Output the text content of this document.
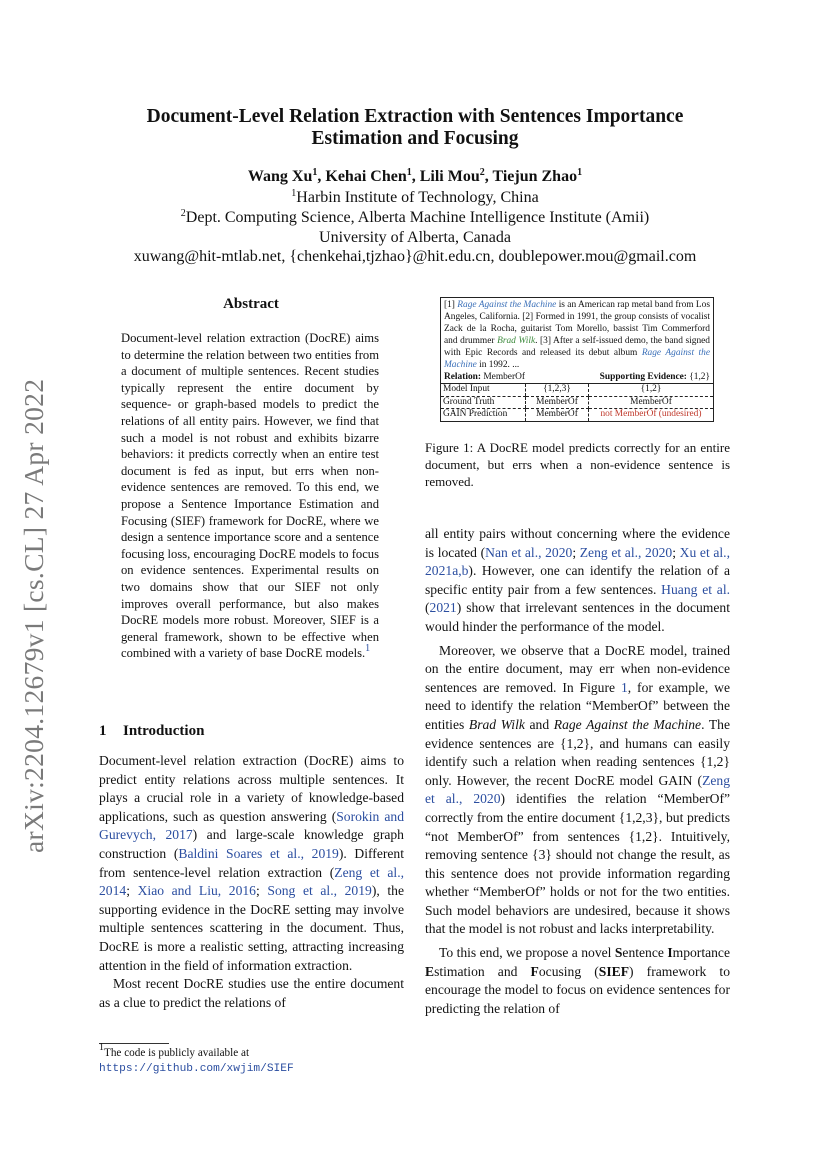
arXiv:2204.12679v1 [cs.CL] 27 Apr 2022
Document-Level Relation Extraction with Sentences Importance
Estimation and Focusing
Wang Xu$^1$, Kehai Chen$^1$, Lili Mou$^2$, Tiejun Zhao$^1$
$^1$Harbin Institute of Technology, China
$^2$Dept. Computing Science, Alberta Machine Intelligence Institute (Amii)
University of Alberta, Canada
xuwang@hit-mtlab.net, {chenkehai,tjzhao}@hit.edu.cn, doublepower.mou@gmail.com
Abstract
Document-level relation extraction (DocRE) aims to determine the relation between two entities from a document of multiple sentences. Recent studies typically represent the entire document by sequence- or graph-based models to predict the relations of all entity pairs. However, we find that such a model is not robust and exhibits bizarre behaviors: it predicts correctly when an entire test document is fed as input, but errs when non-evidence sentences are removed. To this end, we propose a Sentence Importance Estimation and Focusing (SIEF) framework for DocRE, where we design a sentence importance score and a sentence focusing loss, encouraging DocRE models to focus on evidence sentences. Experimental results on two domains show that our SIEF not only improves overall performance, but also makes DocRE models more robust. Moreover, SIEF is a general framework, shown to be effective when combined with a variety of base DocRE models.$^1$
1 Introduction

Document-level relation extraction (DocRE) aims to predict entity relations across multiple sentences. It plays a crucial role in a variety of knowledge-based applications, such as question answering (Sorokin and Gurevych, 2017) and large-scale knowledge graph construction (Baldini Soares et al., 2019). Different from sentence-level relation extraction (Zeng et al., 2014; Xiao and Liu, 2016; Song et al., 2019), the supporting evidence in the DocRE setting may involve multiple sentences scattering in the document. Thus, DocRE is more a realistic setting, attracting increasing attention in the field of information extraction.

Most recent DocRE studies use the entire document as a clue to predict the relations of

$^1$The code is publicly available at https://github.com/xwjim/SIEF
[1] Rage Against the Machine is an American rap metal band from Los Angeles, California. [2] Formed in 1991, the group consists of vocalist Zack de la Rocha, guitarist Tom Morello, bassist Tim Commerford and drummer Brad Wilk. [3] After a self-issued demo, the band signed with Epic Records and released its debut album Rage Against the Machine in 1992. ...
Relation: MemberOf	Supporting Evidence: {1,2}
Model Input	{1,2,3}	{1,2}
Ground Truth	MemberOf	MemberOf
GAIN Prediction	MemberOf	not MemberOf (undesired)
Figure 1: A DocRE model predicts correctly for an entire document, but errs when a non-evidence sentence is removed.

all entity pairs without concerning where the evidence is located (Nan et al., 2020; Zeng et al., 2020; Xu et al., 2021a,b). However, one can identify the relation of a specific entity pair from a few sentences. Huang et al. (2021) show that irrelevant sentences in the document would hinder the performance of the model.

Moreover, we observe that a DocRE model, trained on the entire document, may err when non-evidence sentences are removed. In Figure 1, for example, we need to identify the relation “MemberOf” between the entities Brad Wilk and Rage Against the Machine. The evidence sentences are {1,2}, and humans can easily identify such a relation when reading sentences {1,2} only. However, the recent DocRE model GAIN (Zeng et al., 2020) identifies the relation “MemberOf” correctly from the entire document {1,2,3}, but predicts “not MemberOf” from sentences {1,2}. Intuitively, removing sentence {3} should not change the result, as this sentence does not provide information regarding whether “MemberOf” holds or not for the two entities. Such model behaviors are undesired, because it shows that the model is not robust and lacks interpretability.

To this end, we propose a novel Sentence Importance Estimation and Focusing (SIEF) framework to encourage the model to focus on evidence sentences for predicting the relation of
